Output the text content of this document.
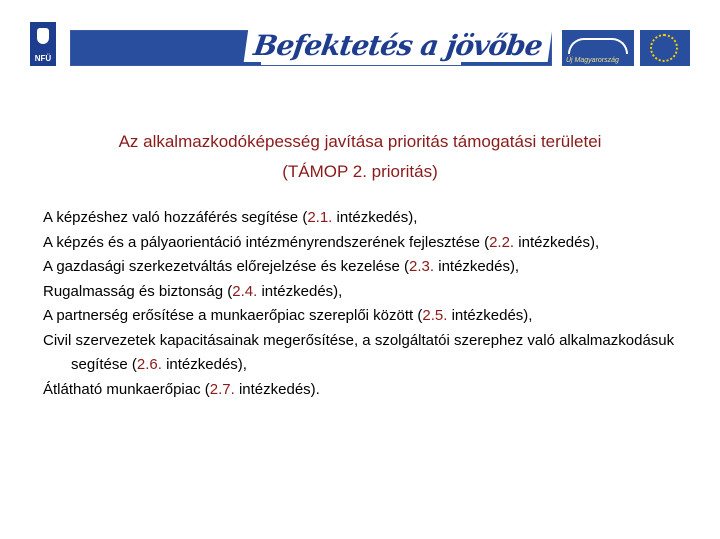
NFÜ	Befektetés a jövőbe	Új Magyarország
Az alkalmazkodóképesség javítása prioritás támogatási területei
(TÁMOP 2. prioritás)

A képzéshez való hozzáférés segítése (2.1. intézkedés),

A képzés és a pályaorientáció intézményrendszerének fejlesztése (2.2. intézkedés),

A gazdasági szerkezetváltás előrejelzése és kezelése (2.3. intézkedés),

Rugalmasság és biztonság (2.4. intézkedés),

A partnerség erősítése a munkaerőpiac szereplői között (2.5. intézkedés),

Civil szervezetek kapacitásainak megerősítése, a szolgáltatói szerephez való alkalmazkodásuk segítése (2.6. intézkedés),

Átlátható munkaerőpiac (2.7. intézkedés).
